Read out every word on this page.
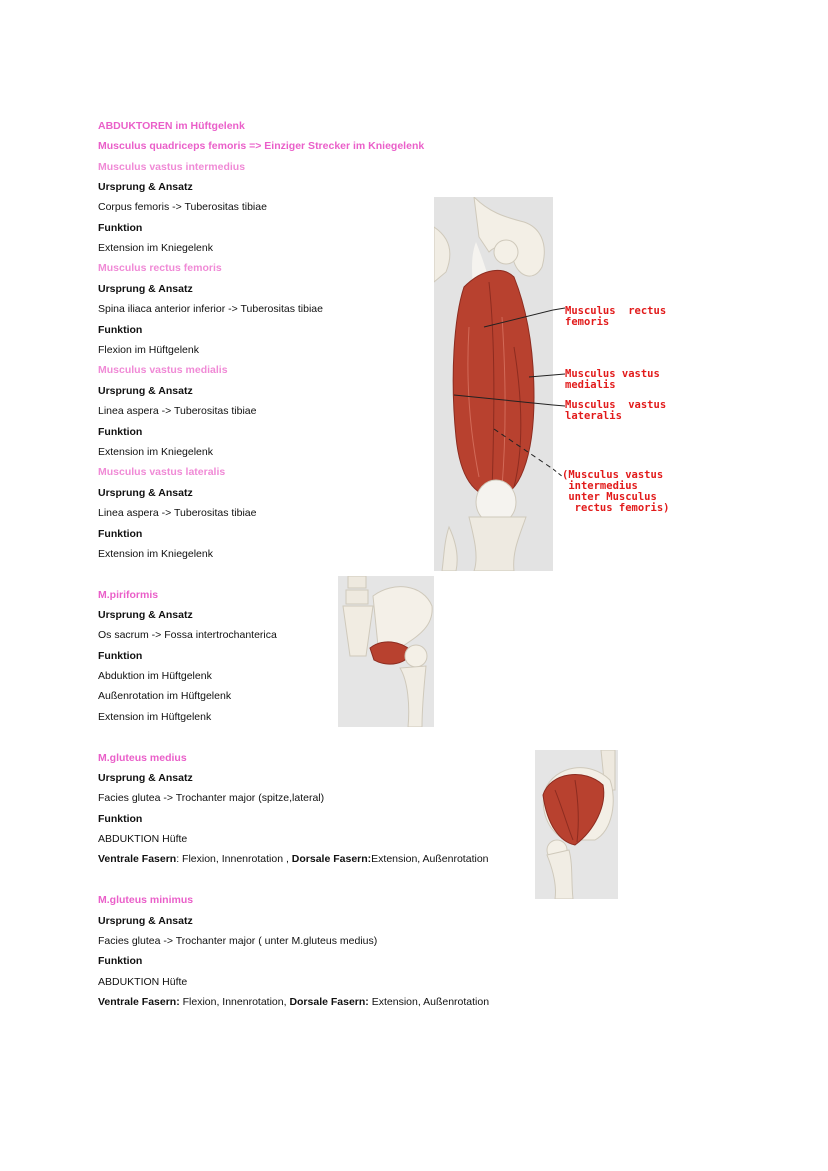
ABDUKTOREN im Hüftgelenk
Musculus quadriceps femoris => Einziger Strecker im Kniegelenk
Musculus vastus intermedius
Ursprung & Ansatz
Corpus femoris -> Tuberositas tibiae
Funktion
Extension im Kniegelenk
Musculus rectus femoris
Ursprung & Ansatz
Spina iliaca anterior inferior -> Tuberositas tibiae
Funktion
Flexion im Hüftgelenk
Musculus vastus medialis
Ursprung & Ansatz
Linea aspera -> Tuberositas tibiae
Funktion
Extension im Kniegelenk
Musculus vastus lateralis
Ursprung & Ansatz
Linea aspera -> Tuberositas tibiae
Funktion
Extension im Kniegelenk
Musculus  rectus
femoris
Musculus vastus
medialis
Musculus  vastus
lateralis
(Musculus vastus
intermedius
unter Musculus
rectus femoris)
M.piriformis
Ursprung & Ansatz
Os sacrum -> Fossa intertrochanterica
Funktion
Abduktion im Hüftgelenk
Außenrotation im Hüftgelenk
Extension im Hüftgelenk
M.gluteus medius
Ursprung & Ansatz
Facies glutea -> Trochanter major (spitze,lateral)
Funktion
ABDUKTION Hüfte
Ventrale Fasern: Flexion, Innenrotation , Dorsale Fasern:Extension, Außenrotation
M.gluteus minimus
Ursprung & Ansatz
Facies glutea -> Trochanter major ( unter M.gluteus medius)
Funktion
ABDUKTION Hüfte
Ventrale Fasern: Flexion, Innenrotation, Dorsale Fasern: Extension, Außenrotation
